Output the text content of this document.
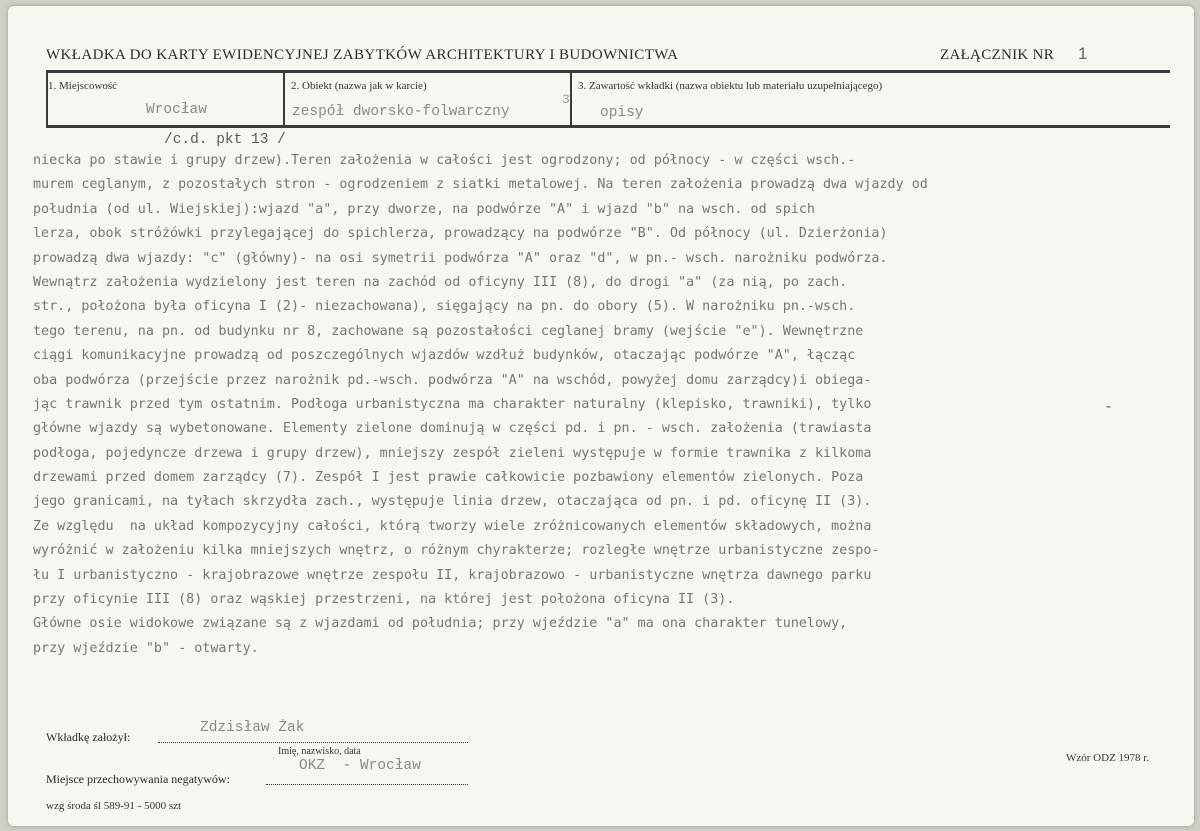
WKŁADKA DO KARTY EWIDENCYJNEJ ZABYTKÓW ARCHITEKTURY I BUDOWNICTWA	ZAŁĄCZNIK NR 1
1. Miejscowość
Wrocław
2. Obiekt (nazwa jak w karcie)
zespół dworsko-folwarczny
3
3. Zawartość wkładki (nazwa obiektu lub materiału uzupełniającego)
opisy
/c.d. pkt 13 /
niecka po stawie i grupy drzew).Teren założenia w całości jest ogrodzony; od północy - w części wsch.-
murem ceglanym, z pozostałych stron - ogrodzeniem z siatki metalowej. Na teren założenia prowadzą dwa wjazdy od
południa (od ul. Wiejskiej):wjazd "a", przy dworze, na podwórze "A" i wjazd "b" na wsch. od spich
lerza, obok stróżówki przylegającej do spichlerza, prowadzący na podwórze "B". Od północy (ul. Dzierżonia)
prowadzą dwa wjazdy: "c" (główny)- na osi symetrii podwórza "A" oraz "d", w pn.- wsch. narożniku podwórza.
Wewnątrz założenia wydzielony jest teren na zachód od oficyny III (8), do drogi "a" (za nią, po zach.
str., położona była oficyna I (2)- niezachowana), sięgający na pn. do obory (5). W narożniku pn.-wsch.
tego terenu, na pn. od budynku nr 8, zachowane są pozostałości ceglanej bramy (wejście "e"). Wewnętrzne
ciągi komunikacyjne prowadzą od poszczególnych wjazdów wzdłuż budynków, otaczając podwórze "A", łącząc
oba podwórza (przejście przez narożnik pd.-wsch. podwórza "A" na wschód, powyżej domu zarządcy)i obiega-
jąc trawnik przed tym ostatnim. Podłoga urbanistyczna ma charakter naturalny (klepisko, trawniki), tylko
główne wjazdy są wybetonowane. Elementy zielone dominują w części pd. i pn. - wsch. założenia (trawiasta
podłoga, pojedyncze drzewa i grupy drzew), mniejszy zespół zieleni występuje w formie trawnika z kilkoma
drzewami przed domem zarządcy (7). Zespół I jest prawie całkowicie pozbawiony elementów zielonych. Poza
jego granicami, na tyłach skrzydła zach., występuje linia drzew, otaczająca od pn. i pd. oficynę II (3).
Ze względu  na układ kompozycyjny całości, którą tworzy wiele zróżnicowanych elementów składowych, można
wyróżnić w założeniu kilka mniejszych wnętrz, o różnym chyrakterze; rozległe wnętrze urbanistyczne zespo-
łu I urbanistyczno - krajobrazowe wnętrze zespołu II, krajobrazowo - urbanistyczne wnętrza dawnego parku
przy oficynie III (8) oraz wąskiej przestrzeni, na której jest położona oficyna II (3).
Główne osie widokowe związane są z wjazdami od południa; przy wjeździe "a" ma ona charakter tunelowy,
przy wjeździe "b" - otwarty.
-
Wkładkę założył:
Zdzisław Żak
Imię, nazwisko, data
Miejsce przechowywania negatywów:
OKZ  - Wrocław
wzg środa śl 589-91 - 5000 szt
Wzór ODZ 1978 r.
